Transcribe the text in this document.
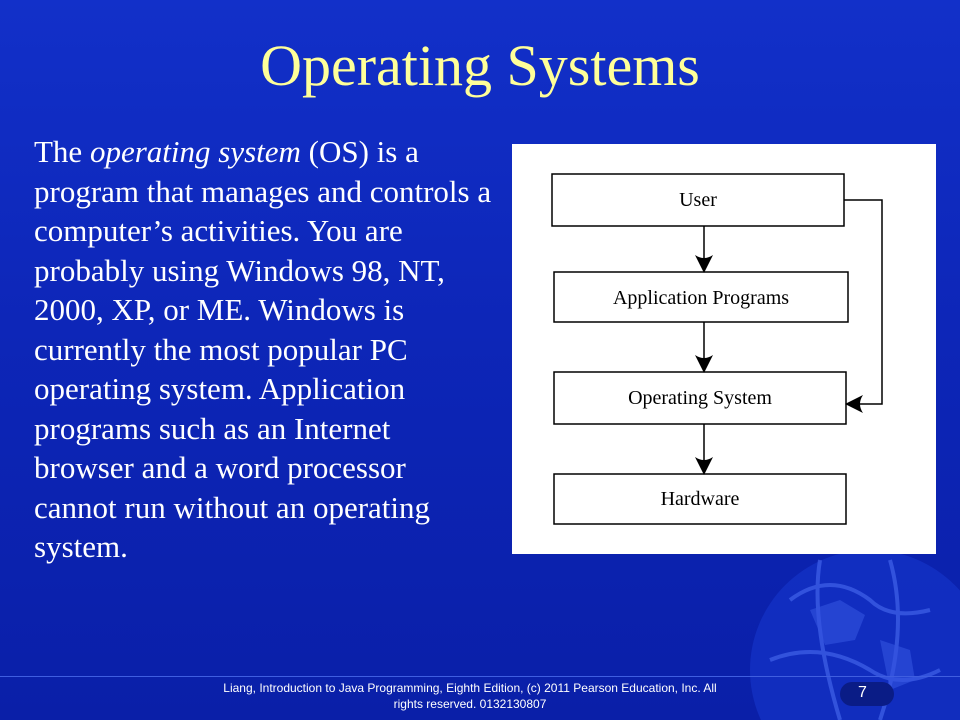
Operating Systems
The operating system (OS) is a program that manages and controls a computer’s activities. You are probably using Windows 98, NT, 2000, XP, or ME. Windows is currently the most popular PC operating system. Application programs such as an Internet browser and a word processor cannot run without an operating system.
User
Application Programs
Operating System
Hardware
Liang, Introduction to Java Programming, Eighth Edition, (c) 2011 Pearson Education, Inc. All
rights reserved. 0132130807
7
